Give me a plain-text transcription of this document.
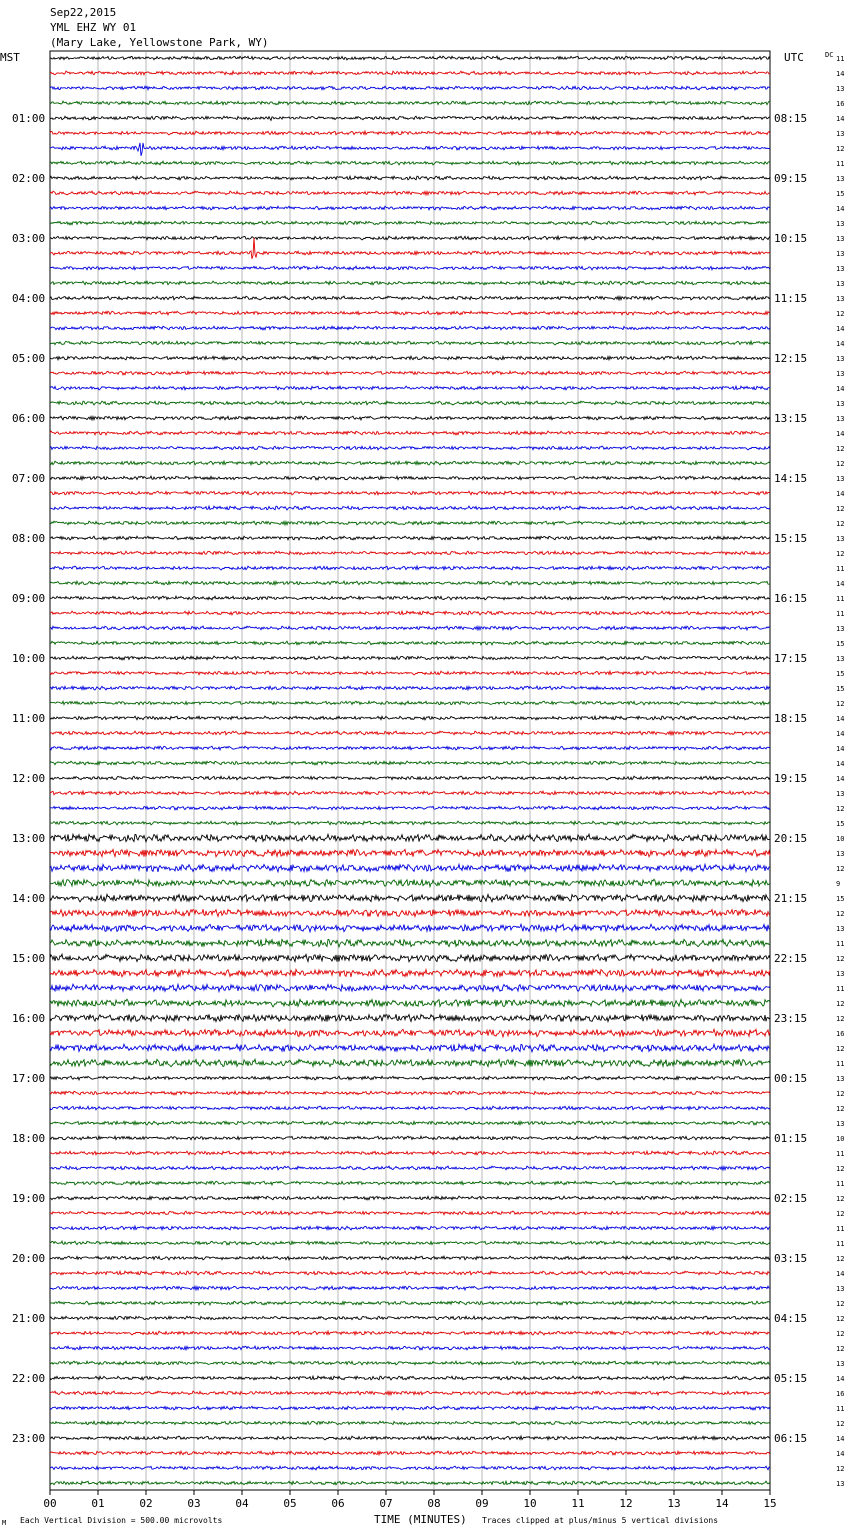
Sep22,2015
YML EHZ WY 01
(Mary Lake, Yellowstone Park, WY)
MST	UTC	DC
01:00
02:00
03:00
04:00
05:00
06:00
07:00
08:00
09:00
10:00
11:00
12:00
13:00
14:00
15:00
16:00
17:00
18:00
19:00
20:00
21:00
22:00
23:00
08:15
09:15
10:15
11:15
12:15
13:15
14:15
15:15
16:15
17:15
18:15
19:15
20:15
21:15
22:15
23:15
00:15
01:15
02:15
03:15
04:15
05:15
06:15
11
14
13
16
14
13
12
11
13
15
14
13
13
13
13
13
13
12
14
14
13
13
14
13
13
14
12
12
13
14
12
12
13
12
11
14
11
11
13
15
13
15
15
12
14
14
14
14
14
13
12
15
10
13
12
9
15
12
13
11
12
13
11
12
12
16
12
11
13
12
12
13
10
11
12
11
12
12
11
11
12
14
13
12
12
12
12
13
14
16
11
12
14
14
12
13
00	01	02	03	04	05	06	07	08	09	10	11	12	13	14	15
M Each Vertical Division = 500.00 microvolts	TIME (MINUTES) Traces clipped at plus/minus 5 vertical divisions
